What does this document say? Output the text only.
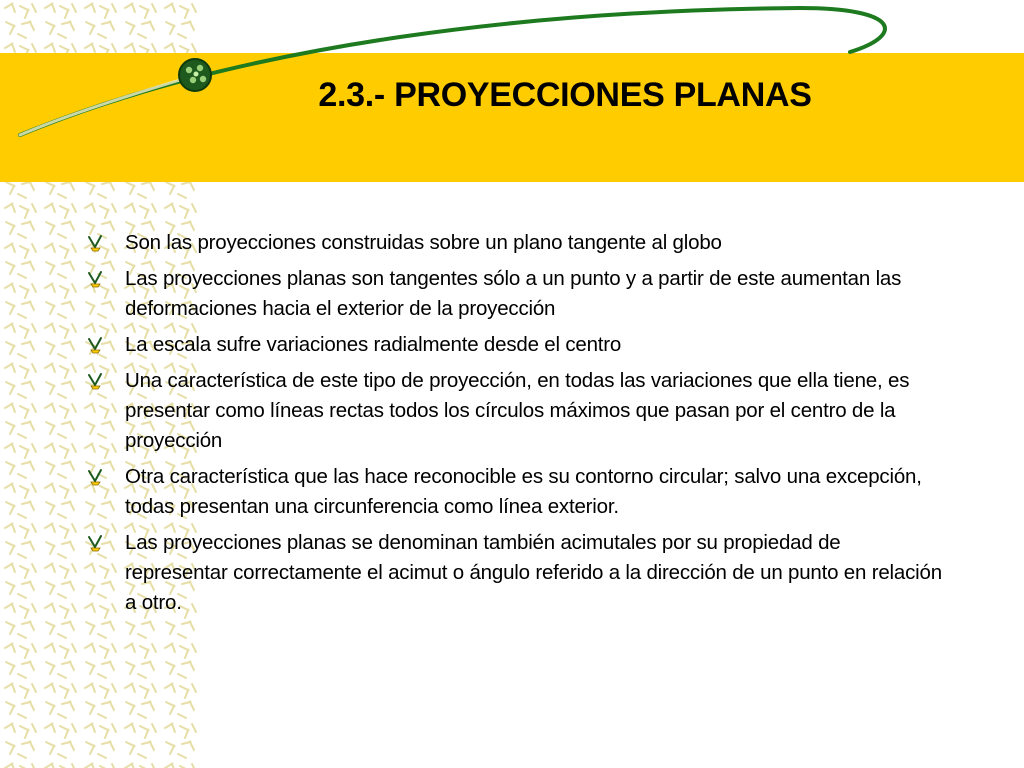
2.3.- PROYECCIONES PLANAS
Son las proyecciones construidas sobre un plano tangente al globo
Las proyecciones planas son tangentes sólo a un punto y a partir de este aumentan las deformaciones hacia el exterior de la proyección
La escala sufre variaciones radialmente desde el centro
Una característica de este tipo de proyección, en todas las variaciones que ella tiene, es presentar como líneas rectas todos los círculos máximos que pasan por el centro de la proyección
Otra característica que las hace reconocible es su contorno circular; salvo una excepción, todas presentan una circunferencia como línea exterior.
Las proyecciones planas se denominan también acimutales por su propiedad de representar correctamente el acimut o ángulo referido a la dirección de un punto en relación a otro.
